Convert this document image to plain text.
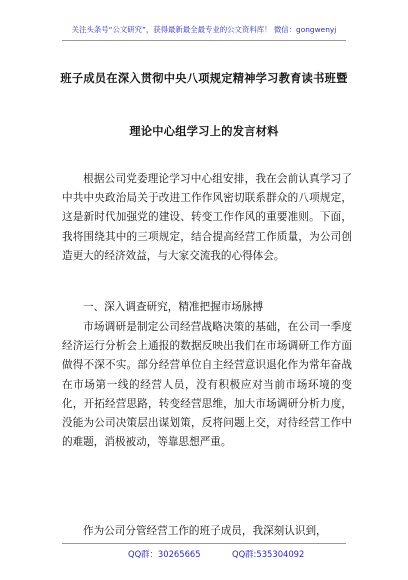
关注头条号“公文研究”，获得最新最全最专业的公文资料库！ 微信：gongwenyj
班子成员在深入贯彻中央八项规定精神学习教育读书班暨
理论中心组学习上的发言材料
根据公司党委理论学习中心组安排，我在会前认真学习了中共中央政治局关于改进工作作风密切联系群众的八项规定，这是新时代加强党的建设、转变工作作风的重要准则。下面，我将围绕其中的三项规定，结合提高经营工作质量，为公司创造更大的经济效益，与大家交流我的心得体会。
一、深入调查研究，精准把握市场脉搏
市场调研是制定公司经营战略决策的基础，在公司一季度经济运行分析会上通报的数据反映出我们在市场调研工作方面做得不深不实。部分经营单位自主经营意识退化作为常年奋战在市场第一线的经营人员，没有积极应对当前市场环境的变化，开拓经营思路，转变经营思维，加大市场调研分析力度，没能为公司决策层出谋划策，反将问题上交，对待经营工作中的难题，消极被动，等靠思想严重。
作为公司分管经营工作的班子成员，我深刻认识到，
QQ群：30265665	QQ群:535304092
